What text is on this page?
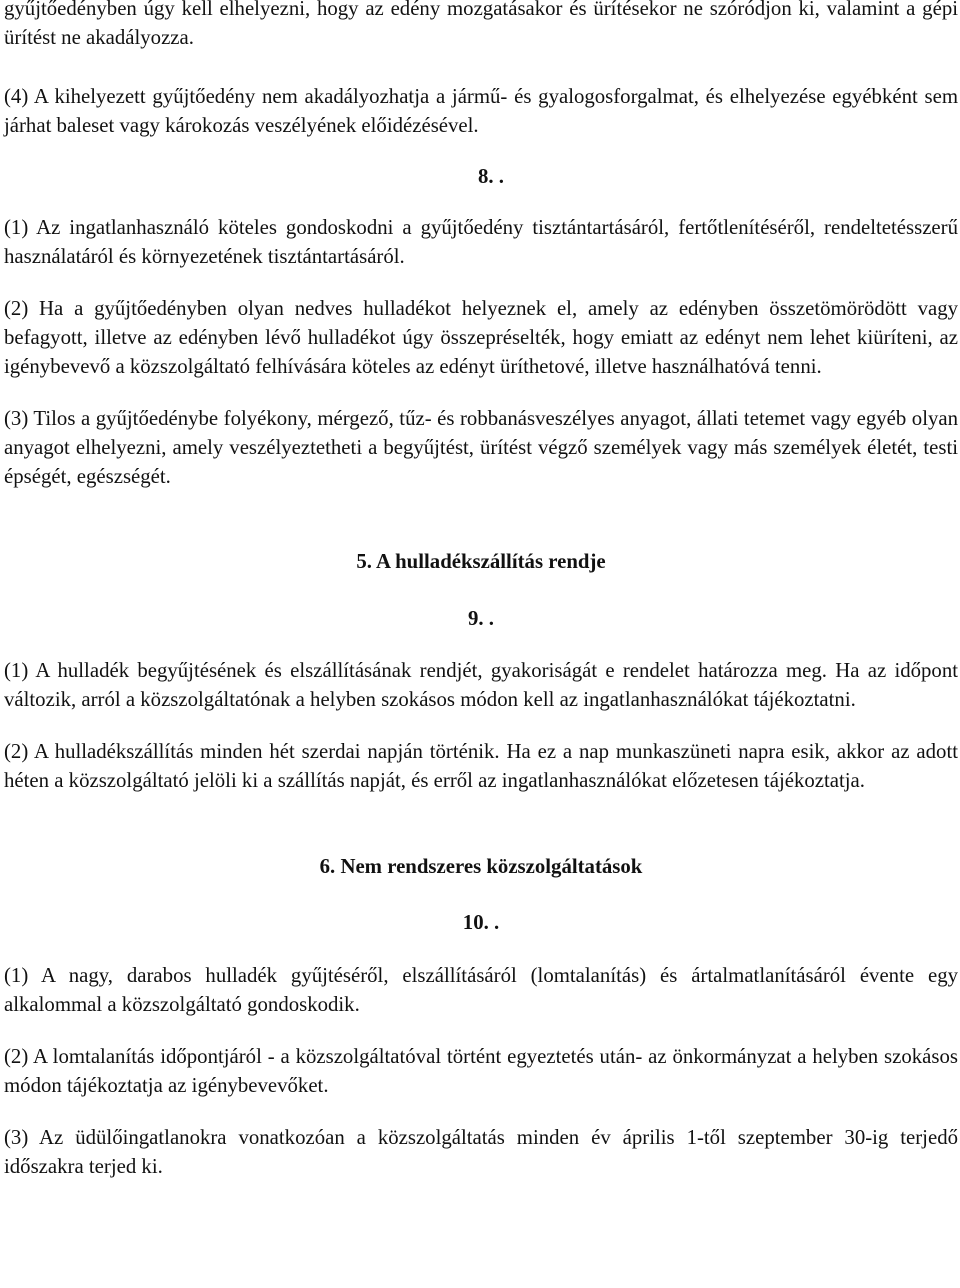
gyűjtőedényben úgy kell elhelyezni, hogy az edény mozgatásakor és ürítésekor ne szóródjon ki, valamint a gépi ürítést ne akadályozza.

(4) A kihelyezett gyűjtőedény nem akadályozhatja a jármű- és gyalogosforgalmat, és elhelyezése egyébként sem járhat baleset vagy károkozás veszélyének előidézésével.

8. .

(1) Az ingatlanhasználó köteles gondoskodni a gyűjtőedény tisztántartásáról, fertőtlenítéséről, rendeltetésszerű használatáról és környezetének tisztántartásáról.

(2) Ha a gyűjtőedényben olyan nedves hulladékot helyeznek el, amely az edényben összetömörödött vagy befagyott, illetve az edényben lévő hulladékot úgy összepréselték, hogy emiatt az edényt nem lehet kiüríteni, az igénybevevő a közszolgáltató felhívására köteles az edényt üríthetové, illetve használhatóvá tenni.

(3) Tilos a gyűjtőedénybe folyékony, mérgező, tűz- és robbanásveszélyes anyagot, állati tetemet vagy egyéb olyan anyagot elhelyezni, amely veszélyeztetheti a begyűjtést, ürítést végző személyek vagy más személyek életét, testi épségét, egészségét.

5. A hulladékszállítás rendje

9. .

(1) A hulladék begyűjtésének és elszállításának rendjét, gyakoriságát e rendelet határozza meg. Ha az időpont változik, arról a közszolgáltatónak a helyben szokásos módon kell az ingatlanhasználókat tájékoztatni.

(2) A hulladékszállítás minden hét szerdai napján történik. Ha ez a nap munkaszüneti napra esik, akkor az adott héten a közszolgáltató jelöli ki a szállítás napját, és erről az ingatlanhasználókat előzetesen tájékoztatja.

6. Nem rendszeres közszolgáltatások

10. .

(1) A nagy, darabos hulladék gyűjtéséről, elszállításáról (lomtalanítás) és ártalmatlanításáról évente egy alkalommal a közszolgáltató gondoskodik.

(2) A lomtalanítás időpontjáról - a közszolgáltatóval történt egyeztetés után- az önkormányzat a helyben szokásos módon tájékoztatja az igénybevevőket.

(3) Az üdülőingatlanokra vonatkozóan a közszolgáltatás minden év április 1-től szeptember 30-ig terjedő időszakra terjed ki.
